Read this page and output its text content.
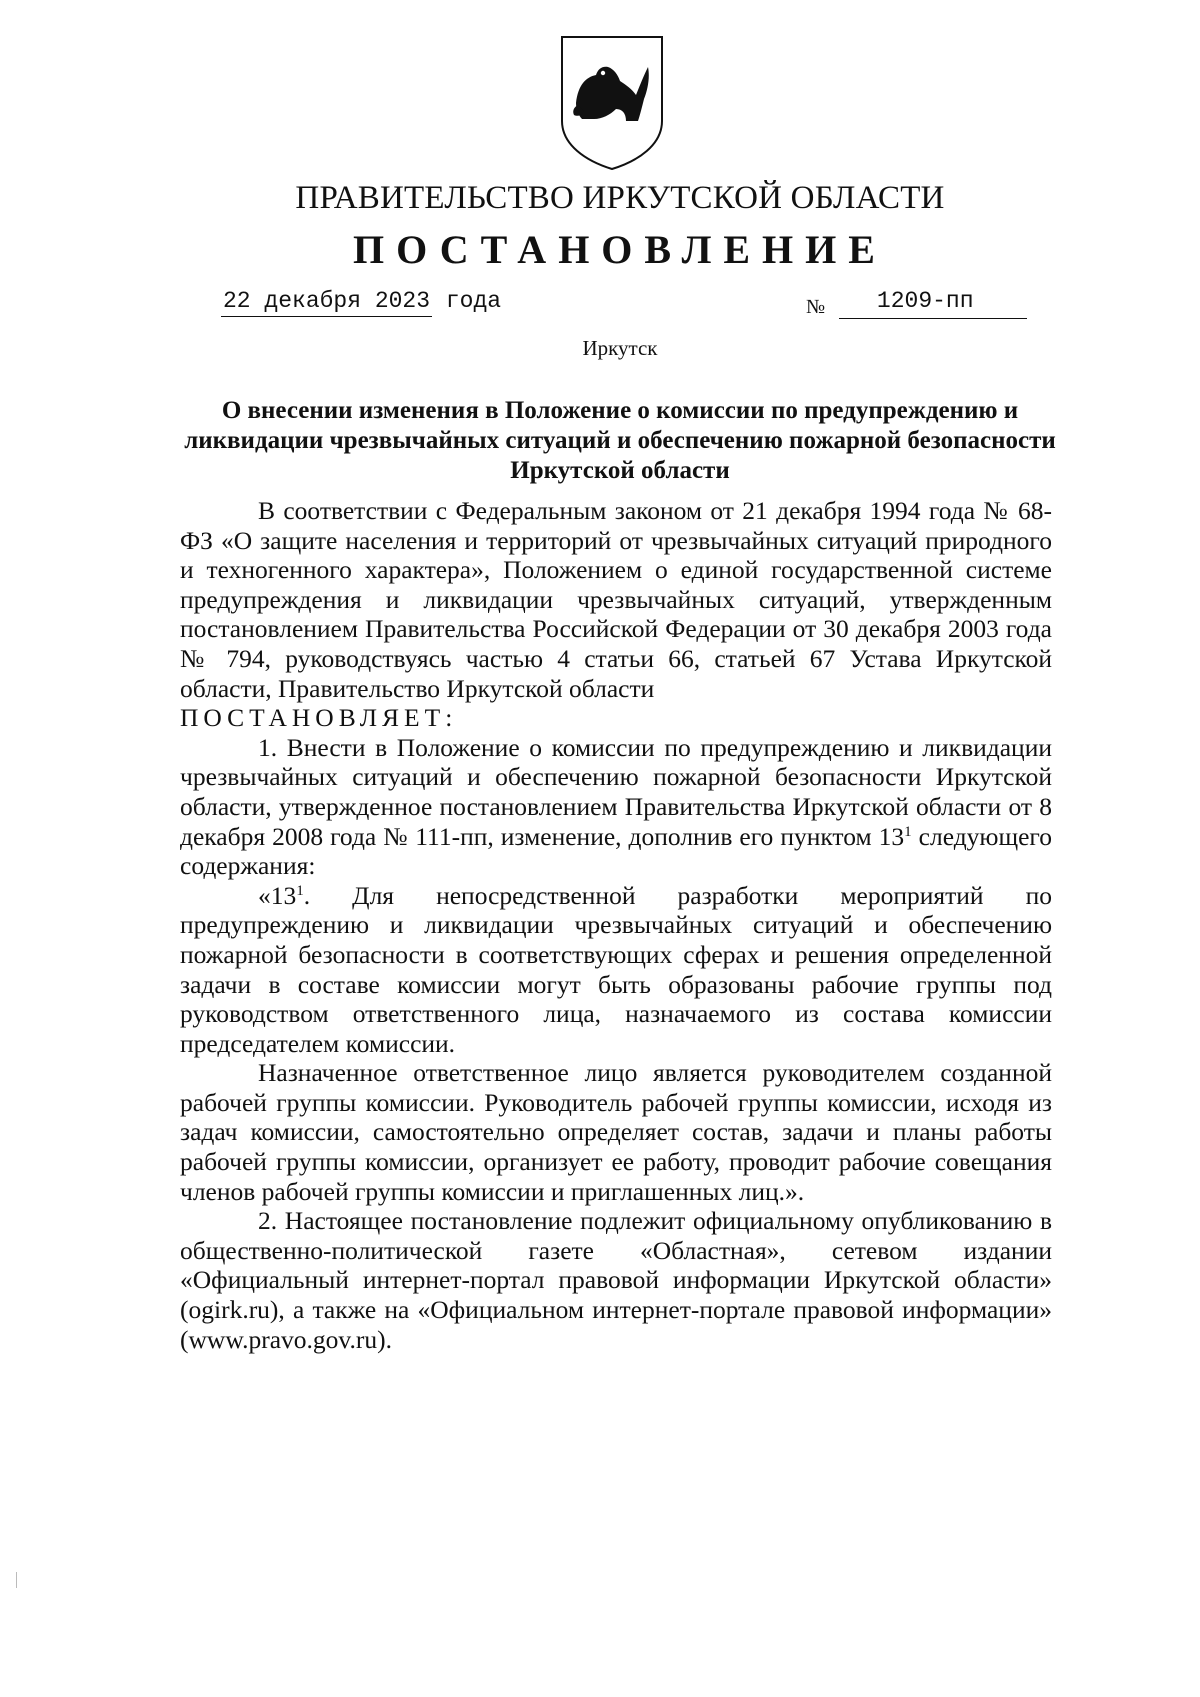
ПРАВИТЕЛЬСТВО ИРКУТСКОЙ ОБЛАСТИ
ПОСТАНОВЛЕНИЕ
22 декабря 2023 года	№ 1209-пп
Иркутск
О внесении изменения в Положение о комиссии по предупреждению и ликвидации чрезвычайных ситуаций и обеспечению пожарной безопасности Иркутской области

В соответствии с Федеральным законом от 21 декабря 1994 года № 68-ФЗ «О защите населения и территорий от чрезвычайных ситуаций природного и техногенного характера», Положением о единой государственной системе предупреждения и ликвидации чрезвычайных ситуаций, утвержденным постановлением Правительства Российской Федерации от 30 декабря 2003 года № 794, руководствуясь частью 4 статьи 66, статьей 67 Устава Иркутской области, Правительство Иркутской области

ПОСТАНОВЛЯЕТ:

1. Внести в Положение о комиссии по предупреждению и ликвидации чрезвычайных ситуаций и обеспечению пожарной безопасности Иркутской области, утвержденное постановлением Правительства Иркутской области от 8 декабря 2008 года № 111-пп, изменение, дополнив его пунктом $13^1$ следующего содержания:

«$13^1$. Для непосредственной разработки мероприятий по предупреждению и ликвидации чрезвычайных ситуаций и обеспечению пожарной безопасности в соответствующих сферах и решения определенной задачи в составе комиссии могут быть образованы рабочие группы под руководством ответственного лица, назначаемого из состава комиссии председателем комиссии.

Назначенное ответственное лицо является руководителем созданной рабочей группы комиссии. Руководитель рабочей группы комиссии, исходя из задач комиссии, самостоятельно определяет состав, задачи и планы работы рабочей группы комиссии, организует ее работу, проводит рабочие совещания членов рабочей группы комиссии и приглашенных лиц.».

2. Настоящее постановление подлежит официальному опубликованию в общественно-политической газете «Областная», сетевом издании «Официальный интернет-портал правовой информации Иркутской области» (ogirk.ru), а также на «Официальном интернет-портале правовой информации» (www.pravo.gov.ru).
